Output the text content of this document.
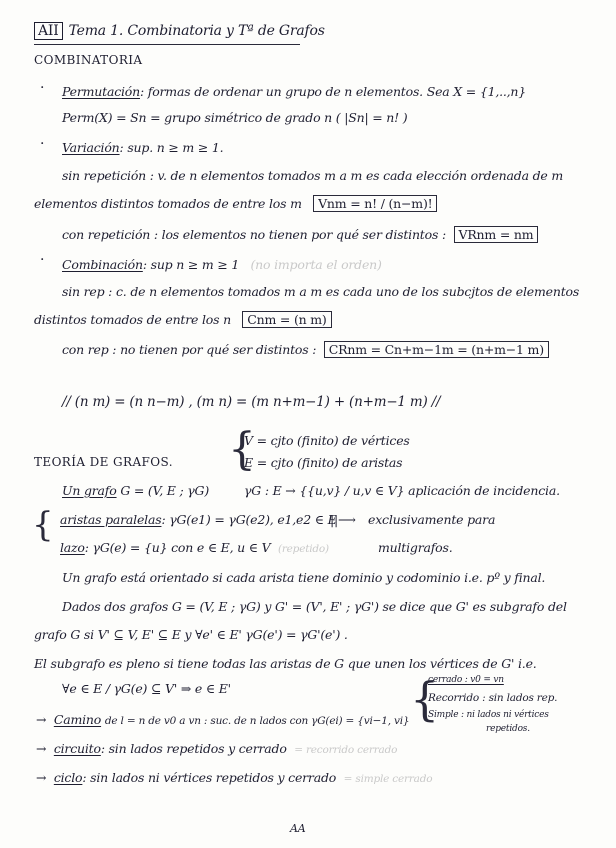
AII Tema 1. Combinatoria y Tª de Grafos
COMBINATORIA
· Permutación: formas de ordenar un grupo de n elementos. Sea X = {1,..,n}
Perm(X) = Sn = grupo simétrico de grado n ( |Sn| = n! )
· Variación: sup. n ≥ m ≥ 1.
sin repetición : v. de n elementos tomados m a m es cada elección ordenada de m
elementos distintos tomados de entre los m Vnm = n! / (n−m)!
con repetición : los elementos no tienen por qué ser distintos : VRnm = nm
· Combinación: sup n ≥ m ≥ 1 (no importa el orden)
sin rep : c. de n elementos tomados m a m es cada uno de los subcjtos de elementos
distintos tomados de entre los n Cnm = (n m)
con rep : no tienen por qué ser distintos : CRnm = Cn+m−1m = (n+m−1 m)
// (n m) = (n n−m) , (m n) = (m n+m−1) + (n+m−1 m) //
V = cjto (finito) de vértices
TEORÍA DE GRAFOS. {
E = cjto (finito) de aristas
γG : E → {{u,v} / u,v ∈ V} aplicación de incidencia.
Un grafo G = (V, E ; γG)
{ aristas paralelas: γG(e1) = γG(e2), e1,e2 ∈ E
lazo: γG(e) = {u} con e ∈ E, u ∈ V (repetido)
||⟶ exclusivamente para
multigrafos.
Un grafo está orientado si cada arista tiene dominio y codominio i.e. pº y final.
Dados dos grafos G = (V, E ; γG) y G' = (V', E' ; γG') se dice que G' es subgrafo del
grafo G si V' ⊆ V, E' ⊆ E y ∀e' ∈ E' γG(e') = γG'(e') .
El subgrafo es pleno si tiene todas las aristas de G que unen los vértices de G' i.e.
∀e ∈ E / γG(e) ⊆ V' ⇒ e ∈ E'	{
cerrado : v0 = vn
Recorrido : sin lados rep.
Simple : ni lados ni vértices
repetidos.
→ Camino de l = n de v0 a vn : suc. de n lados con γG(ei) = {vi−1, vi}
→ circuito: sin lados repetidos y cerrado = recorrido cerrado
→ ciclo: sin lados ni vértices repetidos y cerrado = simple cerrado
AA
